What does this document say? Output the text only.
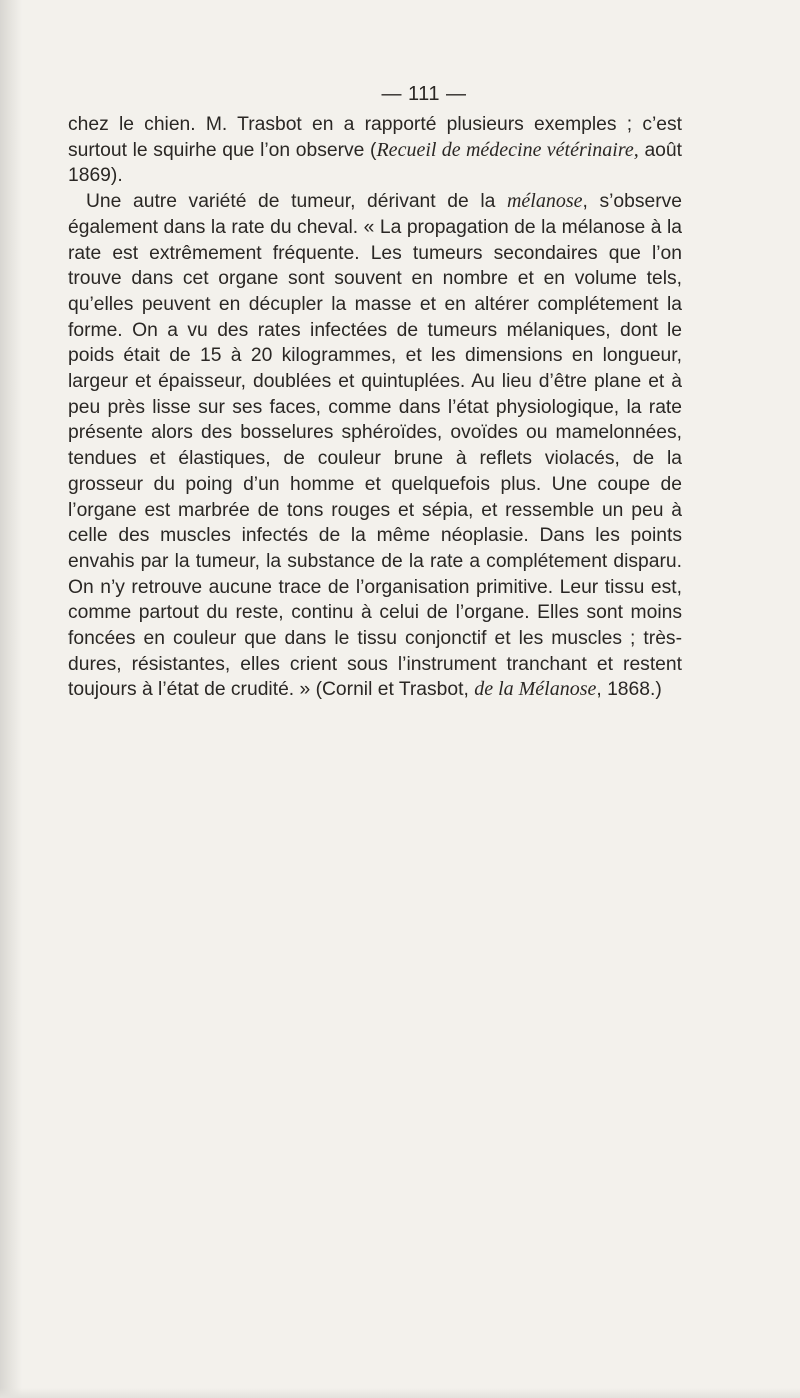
— 111 —

chez le chien. M. Trasbot en a rapporté plusieurs exemples ; c’est surtout le squirhe que l’on observe (Recueil de médecine vétérinaire, août 1869).

Une autre variété de tumeur, dérivant de la mélanose, s’observe également dans la rate du cheval. « La propagation de la mélanose à la rate est extrêmement fréquente. Les tumeurs secondaires que l’on trouve dans cet organe sont souvent en nombre et en volume tels, qu’elles peuvent en décupler la masse et en altérer complétement la forme. On a vu des rates infectées de tumeurs mélaniques, dont le poids était de 15 à 20 kilogrammes, et les dimensions en longueur, largeur et épaisseur, doublées et quintuplées. Au lieu d’être plane et à peu près lisse sur ses faces, comme dans l’état physiologique, la rate présente alors des bosselures sphéroïdes, ovoïdes ou mamelonnées, tendues et élastiques, de couleur brune à reflets violacés, de la grosseur du poing d’un homme et quelquefois plus. Une coupe de l’organe est marbrée de tons rouges et sépia, et ressemble un peu à celle des muscles infectés de la même néoplasie. Dans les points envahis par la tumeur, la substance de la rate a complétement disparu. On n’y retrouve aucune trace de l’organisation primitive. Leur tissu est, comme partout du reste, continu à celui de l’organe. Elles sont moins foncées en couleur que dans le tissu conjonctif et les muscles ; très-dures, résistantes, elles crient sous l’instrument tranchant et restent toujours à l’état de crudité. » (Cornil et Trasbot, de la Mélanose, 1868.)
